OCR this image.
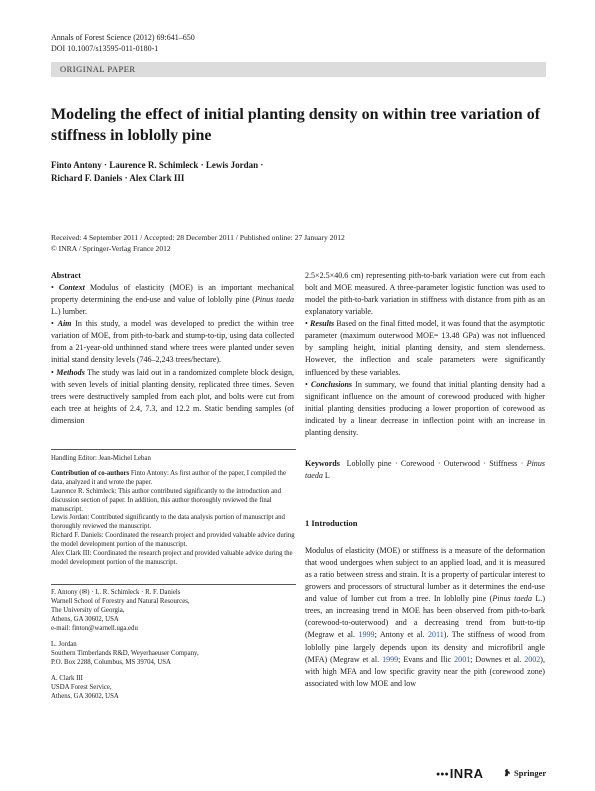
Annals of Forest Science (2012) 69:641–650
DOI 10.1007/s13595-011-0180-1
ORIGINAL PAPER
Modeling the effect of initial planting density on within tree variation of stiffness in loblolly pine
Finto Antony · Laurence R. Schimleck · Lewis Jordan ·
Richard F. Daniels · Alex Clark III
Received: 4 September 2011 / Accepted: 28 December 2011 / Published online: 27 January 2012
© INRA / Springer-Verlag France 2012
Abstract
• Context Modulus of elasticity (MOE) is an important mechanical property determining the end-use and value of loblolly pine (Pinus taeda L.) lumber.
• Aim In this study, a model was developed to predict the within tree variation of MOE, from pith-to-bark and stump-to-tip, using data collected from a 21-year-old unthinned stand where trees were planted under seven initial stand density levels (746–2,243 trees/hectare).
• Methods The study was laid out in a randomized complete block design, with seven levels of initial planting density, replicated three times. Seven trees were destructively sampled from each plot, and bolts were cut from each tree at heights of 2.4, 7.3, and 12.2 m. Static bending samples (of dimension
2.5×2.5×40.6 cm) representing pith-to-bark variation were cut from each bolt and MOE measured. A three-parameter logistic function was used to model the pith-to-bark variation in stiffness with distance from pith as an explanatory variable.
• Results Based on the final fitted model, it was found that the asymptotic parameter (maximum outerwood MOE= 13.48 GPa) was not influenced by sampling height, initial planting density, and stem slenderness. However, the inflection and scale parameters were significantly influenced by these variables.
• Conclusions In summary, we found that initial planting density had a significant influence on the amount of corewood produced with higher initial planting densities producing a lower proportion of corewood as indicated by a linear decrease in inflection point with an increase in planting density.
Keywords Loblolly pine · Corewood · Outerwood · Stiffness · Pinus taeda L
Handling Editor: Jean-Michel Leban
Contribution of co-authors Finto Antony: As first author of the paper, I compiled the data, analyzed it and wrote the paper.
Laurence R. Schimleck: This author contributed significantly to the introduction and discussion section of paper. In addition, this author thoroughly reviewed the final manuscript.
Lewis Jordan: Contributed significantly to the data analysis portion of manuscript and thoroughly reviewed the manuscript.
Richard F. Daniels: Coordinated the research project and provided valuable advice during the model development portion of the manuscript.
Alex Clark III: Coordinated the research project and provided valuable advice during the model development portion of the manuscript.

F. Antony (✉) · L. R. Schimleck · R. F. Daniels
Warnell School of Forestry and Natural Resources,
The University of Georgia,
Athens, GA 30602, USA
e-mail: finton@warnell.uga.edu

L. Jordan
Southern Timberlands R&D, Weyerhaeuser Company,
P.O. Box 2288, Columbus, MS 39704, USA

A. Clark III
USDA Forest Service,
Athens, GA 30602, USA

1 Introduction
Modulus of elasticity (MOE) or stiffness is a measure of the deformation that wood undergoes when subject to an applied load, and it is measured as a ratio between stress and strain. It is a property of particular interest to growers and processors of structural lumber as it determines the end-use and value of lumber cut from a tree. In loblolly pine (Pinus taeda L.) trees, an increasing trend in MOE has been observed from pith-to-bark (corewood-to-outerwood) and a decreasing trend from butt-to-tip (Megraw et al. 1999; Antony et al. 2011). The stiffness of wood from loblolly pine largely depends upon its density and microfibril angle (MFA) (Megraw et al. 1999; Evans and Ilic 2001; Downes et al. 2002), with high MFA and low specific gravity near the pith (corewood zone) associated with low MOE and low
●●●INRA	Springer
